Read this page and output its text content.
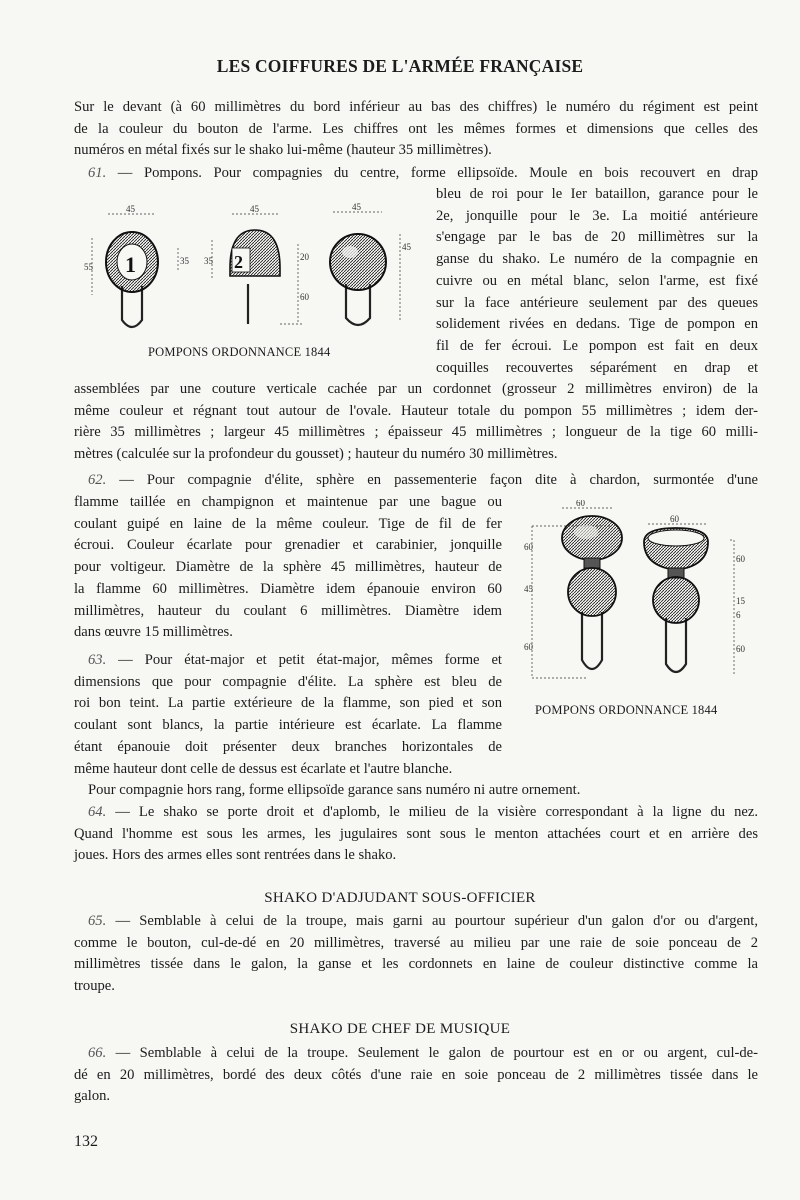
LES COIFFURES DE L'ARMÉE FRANÇAISE
Sur le devant (à 60 millimètres du bord inférieur au bas des chiffres) le numéro du régiment est peint
de la couleur du bouton de l'arme. Les chiffres ont les mêmes formes et dimensions que celles des
numéros en métal fixés sur le shako lui-même (hauteur 35 millimètres).
61. — Pompons. Pour compagnies du centre, forme ellipsoïde. Moule en bois recouvert en drap
bleu de roi pour le Ier bataillon, garance pour le
2e, jonquille pour le 3e. La moitié antérieure
s'engage par le bas de 20 millimètres sur la
ganse du shako. Le numéro de la compagnie en
cuivre ou en métal blanc, selon l'arme, est fixé
sur la face antérieure seulement par des queues
solidement rivées en dedans. Tige de pompon en
fil de fer écroui. Le pompon est fait en deux
coquilles recouvertes séparément en drap et
assemblées par une couture verticale cachée par un cordonnet (grosseur 2 millimètres environ) de la
même couleur et régnant tout autour de l'ovale. Hauteur totale du pompon 55 millimètres ; idem der-
rière 35 millimètres ; largeur 45 millimètres ; épaisseur 45 millimètres ; longueur de la tige 60 milli-
mètres (calculée sur la profondeur du gousset) ; hauteur du numéro 30 millimètres.
45	45	45
55
35 35	20
60
45
1	2
POMPONS ORDONNANCE 1844
62. — Pour compagnie d'élite, sphère en passementerie façon dite à chardon, surmontée d'une
flamme taillée en champignon et maintenue par une bague ou
coulant guipé en laine de la même couleur. Tige de fil de fer
écroui. Couleur écarlate pour grenadier et carabinier, jonquille
pour voltigeur. Diamètre de la sphère 45 millimètres, hauteur de
la flamme 60 millimètres. Diamètre idem épanouie environ 60
millimètres, hauteur du coulant 6 millimètres. Diamètre idem
dans œuvre 15 millimètres.
63. — Pour état-major et petit état-major, mêmes forme et
dimensions que pour compagnie d'élite. La sphère est bleu de
roi bon teint. La partie extérieure de la flamme, son pied et son
coulant sont blancs, la partie intérieure est écarlate. La flamme
étant épanouie doit présenter deux branches horizontales de
même hauteur dont celle de dessus est écarlate et l'autre blanche.
Pour compagnie hors rang, forme ellipsoïde garance sans numéro ni autre ornement.
60
60
60
45
60
60
15
6
60
POMPONS ORDONNANCE 1844
64. — Le shako se porte droit et d'aplomb, le milieu de la visière correspondant à la ligne du nez.
Quand l'homme est sous les armes, les jugulaires sont sous le menton attachées court et en arrière des
joues. Hors des armes elles sont rentrées dans le shako.
SHAKO D'ADJUDANT SOUS-OFFICIER
65. — Semblable à celui de la troupe, mais garni au pourtour supérieur d'un galon d'or ou d'argent,
comme le bouton, cul-de-dé en 20 millimètres, traversé au milieu par une raie de soie ponceau de 2
millimètres tissée dans le galon, la ganse et les cordonnets en laine de couleur distinctive comme la
troupe.
SHAKO DE CHEF DE MUSIQUE
66. — Semblable à celui de la troupe. Seulement le galon de pourtour est en or ou argent, cul-de-
dé en 20 millimètres, bordé des deux côtés d'une raie en soie ponceau de 2 millimètres tissée dans le
galon.
132
